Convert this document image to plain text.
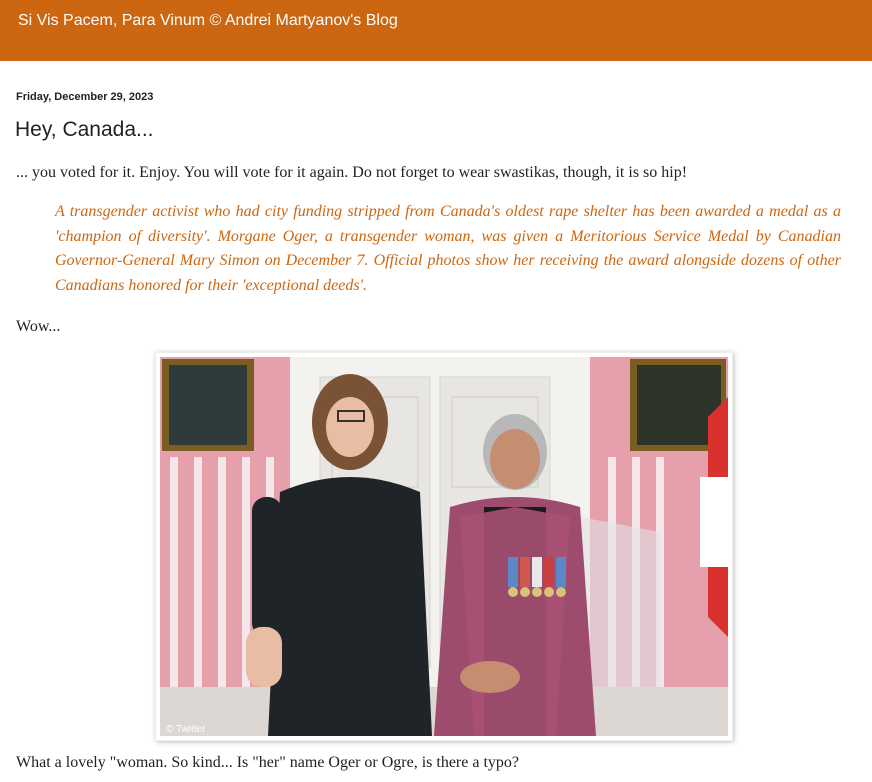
Si Vis Pacem, Para Vinum © Andrei Martyanov's Blog
Friday, December 29, 2023
Hey, Canada...

... you voted for it. Enjoy. You will vote for it again. Do not forget to wear swastikas, though, it is so hip!

A transgender activist who had city funding stripped from Canada's oldest rape shelter has been awarded a medal as a 'champion of diversity'. Morgane Oger, a transgender woman, was given a Meritorious Service Medal by Canadian Governor-General Mary Simon on December 7. Official photos show her receiving the award alongside dozens of other Canadians honored for their 'exceptional deeds'.

Wow...

© Twitter

What a lovely "woman. So kind... Is "her" name Oger or Ogre, is there a typo?
